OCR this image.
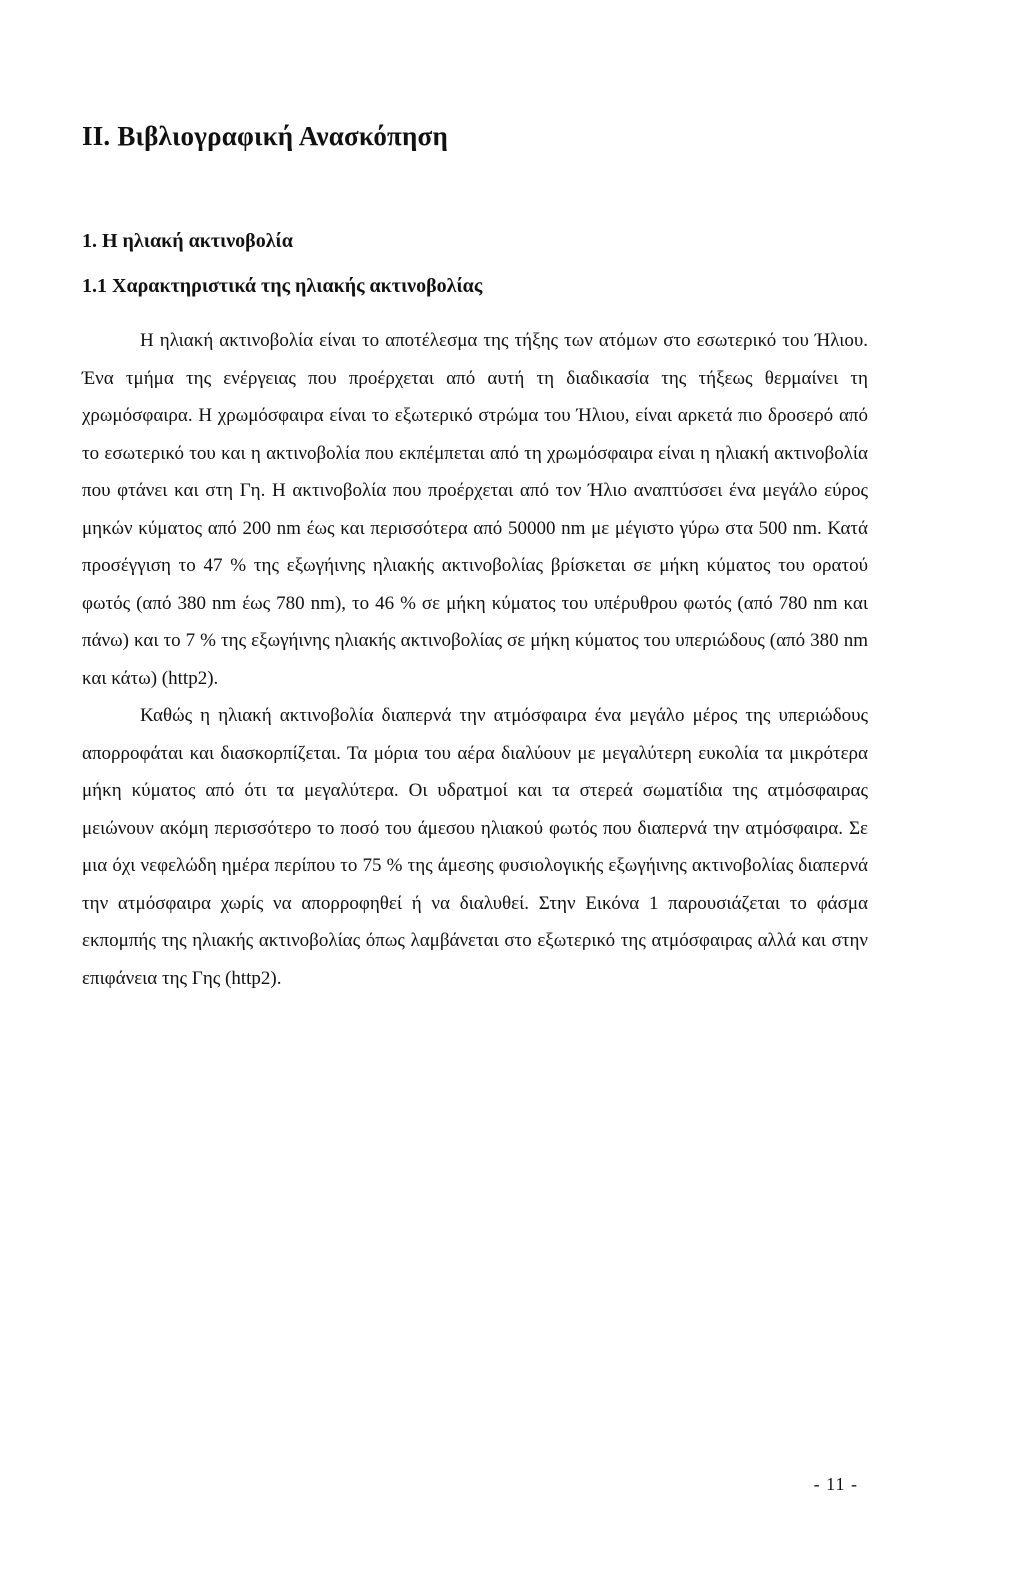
II. Βιβλιογραφική Ανασκόπηση
1. Η ηλιακή ακτινοβολία
1.1 Χαρακτηριστικά της ηλιακής ακτινοβολίας

Η ηλιακή ακτινοβολία είναι το αποτέλεσμα της τήξης των ατόμων στο εσωτερικό του Ήλιου. Ένα τμήμα της ενέργειας που προέρχεται από αυτή τη διαδικασία της τήξεως θερμαίνει τη χρωμόσφαιρα. Η χρωμόσφαιρα είναι το εξωτερικό στρώμα του Ήλιου, είναι αρκετά πιο δροσερό από το εσωτερικό του και η ακτινοβολία που εκπέμπεται από τη χρωμόσφαιρα είναι η ηλιακή ακτινοβολία που φτάνει και στη Γη. Η ακτινοβολία που προέρχεται από τον Ήλιο αναπτύσσει ένα μεγάλο εύρος μηκών κύματος από 200 nm έως και περισσότερα από 50000 nm με μέγιστο γύρω στα 500 nm. Κατά προσέγγιση το 47 % της εξωγήινης ηλιακής ακτινοβολίας βρίσκεται σε μήκη κύματος του ορατού φωτός (από 380 nm έως 780 nm), το 46 % σε μήκη κύματος του υπέρυθρου φωτός (από 780 nm και πάνω) και το 7 % της εξωγήινης ηλιακής ακτινοβολίας σε μήκη κύματος του υπεριώδους (από 380 nm και κάτω) (http2).

Καθώς η ηλιακή ακτινοβολία διαπερνά την ατμόσφαιρα ένα μεγάλο μέρος της υπεριώδους απορροφάται και διασκορπίζεται. Τα μόρια του αέρα διαλύουν με μεγαλύτερη ευκολία τα μικρότερα μήκη κύματος από ότι τα μεγαλύτερα. Οι υδρατμοί και τα στερεά σωματίδια της ατμόσφαιρας μειώνουν ακόμη περισσότερο το ποσό του άμεσου ηλιακού φωτός που διαπερνά την ατμόσφαιρα. Σε μια όχι νεφελώδη ημέρα περίπου το 75 % της άμεσης φυσιολογικής εξωγήινης ακτινοβολίας διαπερνά την ατμόσφαιρα χωρίς να απορροφηθεί ή να διαλυθεί. Στην Εικόνα 1 παρουσιάζεται το φάσμα εκπομπής της ηλιακής ακτινοβολίας όπως λαμβάνεται στο εξωτερικό της ατμόσφαιρας αλλά και στην επιφάνεια της Γης (http2).

- 11 -
